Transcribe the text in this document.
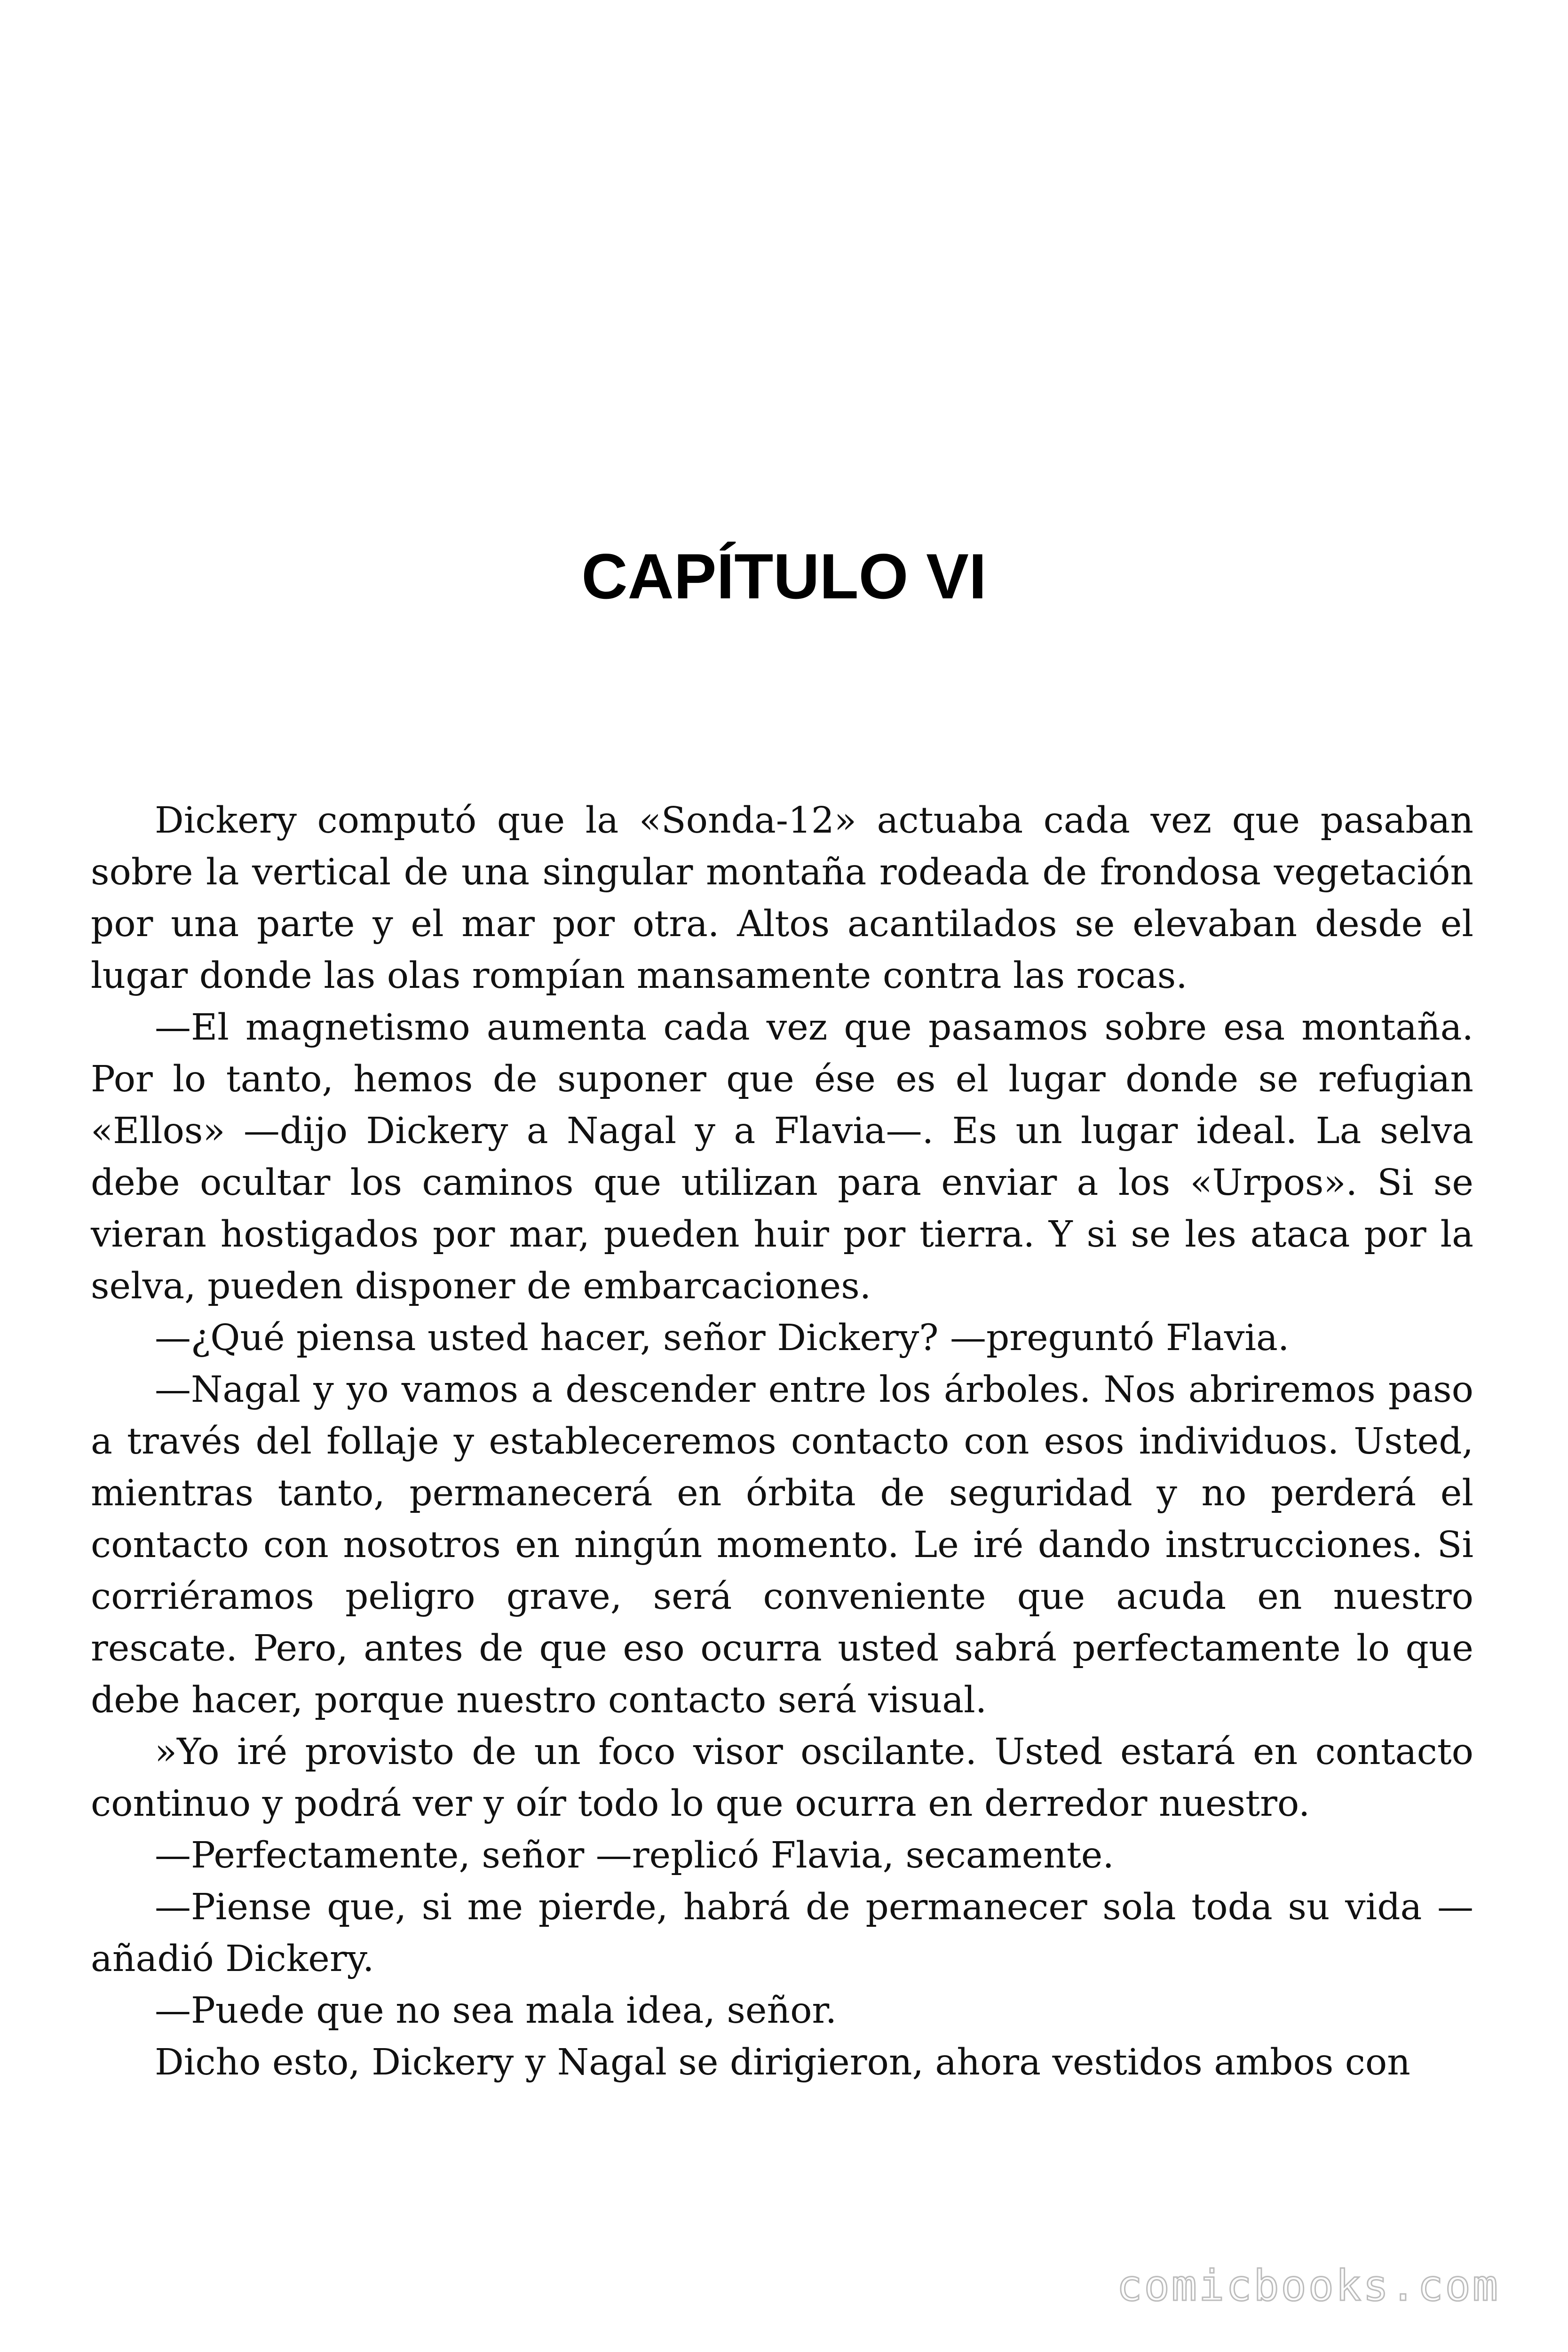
CAPÍTULO VI

Dickery computó que la «Sonda-12» actuaba cada vez que pasaban sobre la vertical de una singular montaña rodeada de frondosa vegetación por una parte y el mar por otra. Altos acantilados se elevaban desde el lugar donde las olas rompían mansamente contra las rocas.

—El magnetismo aumenta cada vez que pasamos sobre esa montaña. Por lo tanto, hemos de suponer que ése es el lugar donde se refugian «Ellos» —dijo Dickery a Nagal y a Flavia—. Es un lugar ideal. La selva debe ocultar los caminos que utilizan para enviar a los «Urpos». Si se vieran hostigados por mar, pueden huir por tierra. Y si se les ataca por la selva, pueden disponer de embarcaciones.

—¿Qué piensa usted hacer, señor Dickery? —preguntó Flavia.

—Nagal y yo vamos a descender entre los árboles. Nos abriremos paso a través del follaje y estableceremos contacto con esos individuos. Usted, mientras tanto, permanecerá en órbita de seguridad y no perderá el contacto con nosotros en ningún momento. Le iré dando instrucciones. Si corriéramos peligro grave, será conveniente que acuda en nuestro rescate. Pero, antes de que eso ocurra usted sabrá perfectamente lo que debe hacer, porque nuestro contacto será visual.

»Yo iré provisto de un foco visor oscilante. Usted estará en contacto continuo y podrá ver y oír todo lo que ocurra en derredor nuestro.

—Perfectamente, señor —replicó Flavia, secamente.

—Piense que, si me pierde, habrá de permanecer sola toda su vida —añadió Dickery.

—Puede que no sea mala idea, señor.

Dicho esto, Dickery y Nagal se dirigieron, ahora vestidos ambos con

comicbooks.com
